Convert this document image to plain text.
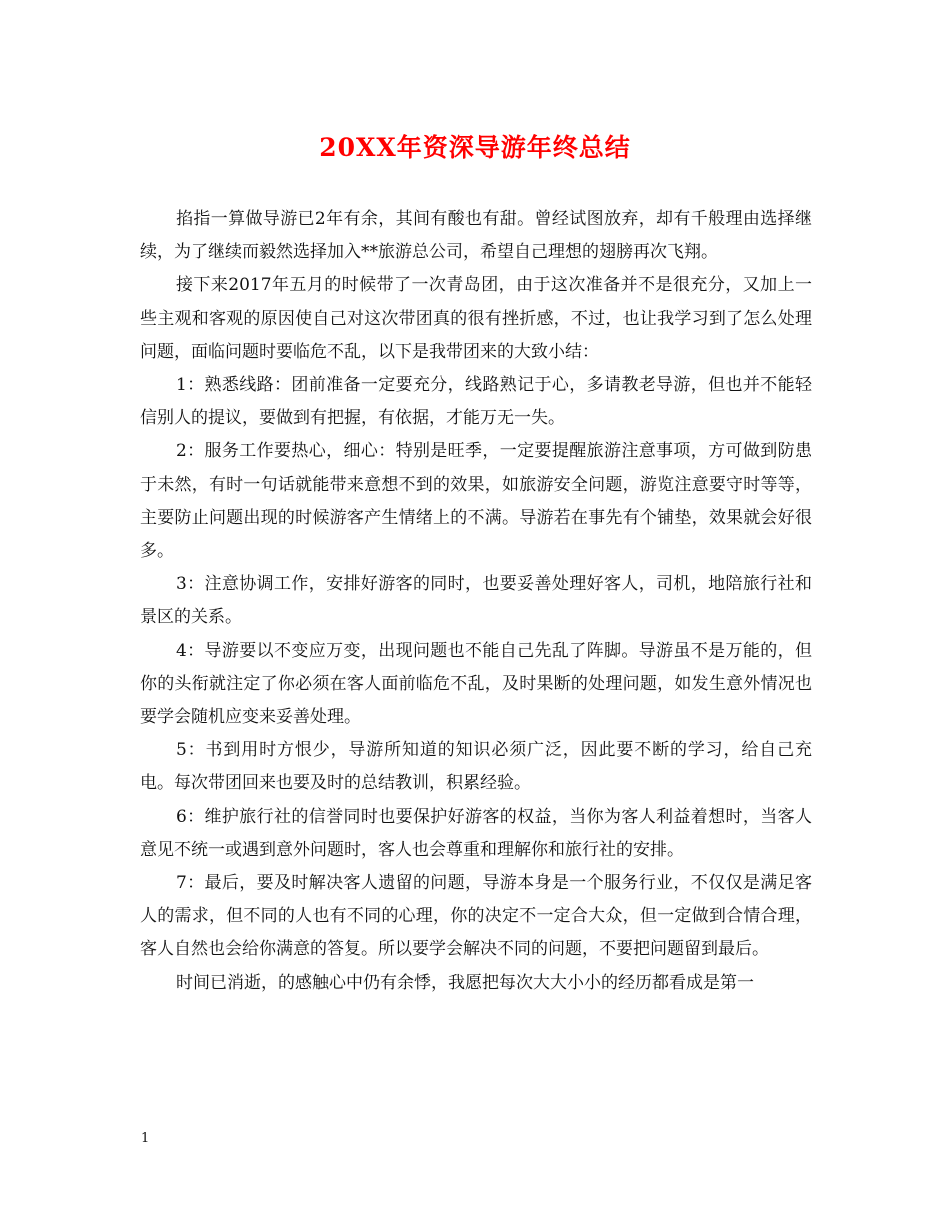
20XX年资深导游年终总结

掐指一算做导游已2年有余，其间有酸也有甜。曾经试图放弃，却有千般理由选择继续，为了继续而毅然选择加入**旅游总公司，希望自己理想的翅膀再次飞翔。

接下来2017年五月的时候带了一次青岛团，由于这次准备并不是很充分，又加上一些主观和客观的原因使自己对这次带团真的很有挫折感，不过，也让我学习到了怎么处理问题，面临问题时要临危不乱，以下是我带团来的大致小结：

1：熟悉线路：团前准备一定要充分，线路熟记于心，多请教老导游，但也并不能轻信别人的提议，要做到有把握，有依据，才能万无一失。

2：服务工作要热心，细心：特别是旺季，一定要提醒旅游注意事项，方可做到防患于未然，有时一句话就能带来意想不到的效果，如旅游安全问题，游览注意要守时等等，主要防止问题出现的时候游客产生情绪上的不满。导游若在事先有个铺垫，效果就会好很多。

3：注意协调工作，安排好游客的同时，也要妥善处理好客人，司机，地陪旅行社和景区的关系。

4：导游要以不变应万变，出现问题也不能自己先乱了阵脚。导游虽不是万能的，但你的头衔就注定了你必须在客人面前临危不乱，及时果断的处理问题，如发生意外情况也要学会随机应变来妥善处理。

5：书到用时方恨少，导游所知道的知识必须广泛，因此要不断的学习，给自己充电。每次带团回来也要及时的总结教训，积累经验。

6：维护旅行社的信誉同时也要保护好游客的权益，当你为客人利益着想时，当客人意见不统一或遇到意外问题时，客人也会尊重和理解你和旅行社的安排。

7：最后，要及时解决客人遗留的问题，导游本身是一个服务行业，不仅仅是满足客人的需求，但不同的人也有不同的心理，你的决定不一定合大众，但一定做到合情合理，客人自然也会给你满意的答复。所以要学会解决不同的问题，不要把问题留到最后。

时间已消逝，的感触心中仍有余悸，我愿把每次大大小小的经历都看成是第一

1
